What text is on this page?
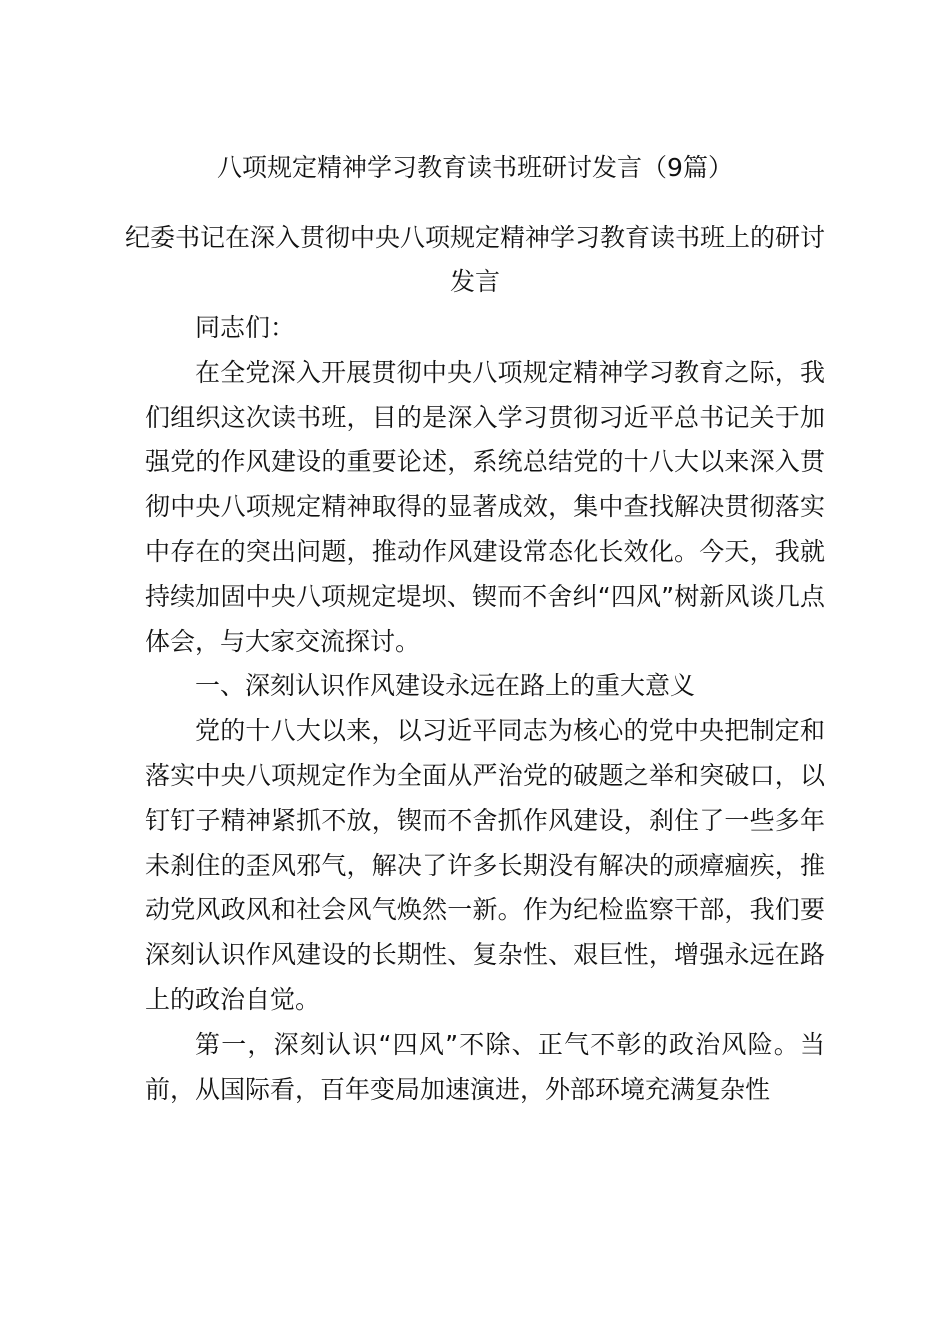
八项规定精神学习教育读书班研讨发言（9篇）
纪委书记在深入贯彻中央八项规定精神学习教育读书班上的研讨发言

同志们：

在全党深入开展贯彻中央八项规定精神学习教育之际，我们组织这次读书班，目的是深入学习贯彻习近平总书记关于加强党的作风建设的重要论述，系统总结党的十八大以来深入贯彻中央八项规定精神取得的显著成效，集中查找解决贯彻落实中存在的突出问题，推动作风建设常态化长效化。今天，我就持续加固中央八项规定堤坝、锲而不舍纠“四风”树新风谈几点体会，与大家交流探讨。

一、深刻认识作风建设永远在路上的重大意义

党的十八大以来，以习近平同志为核心的党中央把制定和落实中央八项规定作为全面从严治党的破题之举和突破口，以钉钉子精神紧抓不放，锲而不舍抓作风建设，刹住了一些多年未刹住的歪风邪气，解决了许多长期没有解决的顽瘴痼疾，推动党风政风和社会风气焕然一新。作为纪检监察干部，我们要深刻认识作风建设的长期性、复杂性、艰巨性，增强永远在路上的政治自觉。

第一，深刻认识“四风”不除、正气不彰的政治风险。当前，从国际看，百年变局加速演进，外部环境充满复杂性
